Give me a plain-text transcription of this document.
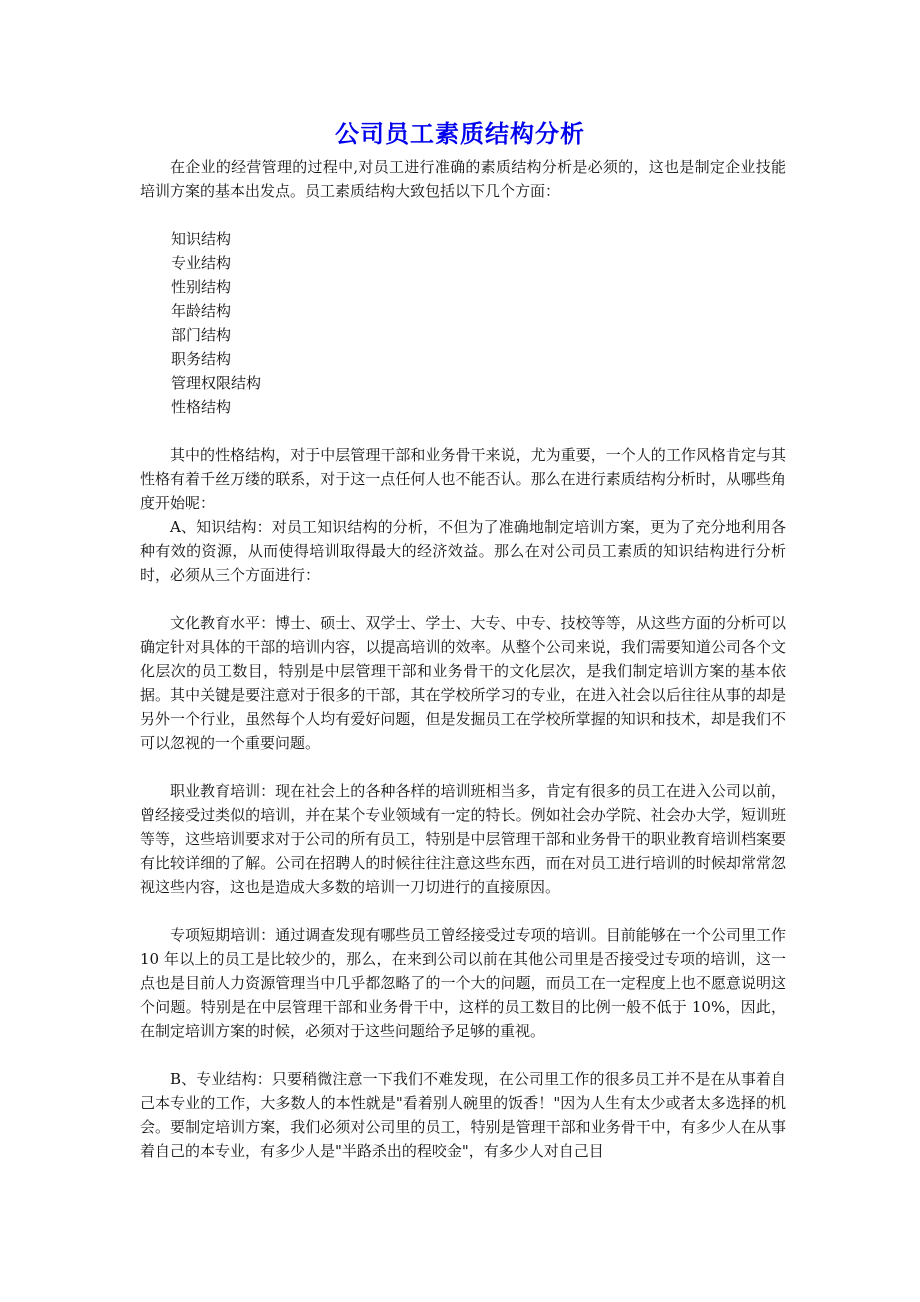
公司员工素质结构分析

在企业的经营管理的过程中,对员工进行准确的素质结构分析是必须的，这也是制定企业技能培训方案的基本出发点。员工素质结构大致包括以下几个方面：

知识结构
专业结构
性别结构
年龄结构
部门结构
职务结构
管理权限结构
性格结构

其中的性格结构，对于中层管理干部和业务骨干来说，尤为重要，一个人的工作风格肯定与其性格有着千丝万缕的联系，对于这一点任何人也不能否认。那么在进行素质结构分析时，从哪些角度开始呢：

A、知识结构：对员工知识结构的分析，不但为了准确地制定培训方案，更为了充分地利用各种有效的资源，从而使得培训取得最大的经济效益。那么在对公司员工素质的知识结构进行分析时，必须从三个方面进行：

文化教育水平：博士、硕士、双学士、学士、大专、中专、技校等等，从这些方面的分析可以确定针对具体的干部的培训内容，以提高培训的效率。从整个公司来说，我们需要知道公司各个文化层次的员工数目，特别是中层管理干部和业务骨干的文化层次，是我们制定培训方案的基本依据。其中关键是要注意对于很多的干部，其在学校所学习的专业，在进入社会以后往往从事的却是另外一个行业，虽然每个人均有爱好问题，但是发掘员工在学校所掌握的知识和技术，却是我们不可以忽视的一个重要问题。

职业教育培训：现在社会上的各种各样的培训班相当多，肯定有很多的员工在进入公司以前，曾经接受过类似的培训，并在某个专业领域有一定的特长。例如社会办学院、社会办大学，短训班等等，这些培训要求对于公司的所有员工，特别是中层管理干部和业务骨干的职业教育培训档案要有比较详细的了解。公司在招聘人的时候往往注意这些东西，而在对员工进行培训的时候却常常忽视这些内容，这也是造成大多数的培训一刀切进行的直接原因。

专项短期培训：通过调查发现有哪些员工曾经接受过专项的培训。目前能够在一个公司里工作 10 年以上的员工是比较少的，那么，在来到公司以前在其他公司里是否接受过专项的培训，这一点也是目前人力资源管理当中几乎都忽略了的一个大的问题，而员工在一定程度上也不愿意说明这个问题。特别是在中层管理干部和业务骨干中，这样的员工数目的比例一般不低于 10%，因此，在制定培训方案的时候，必须对于这些问题给予足够的重视。

B、专业结构：只要稍微注意一下我们不难发现，在公司里工作的很多员工并不是在从事着自己本专业的工作，大多数人的本性就是"看着别人碗里的饭香！"因为人生有太少或者太多选择的机会。要制定培训方案，我们必须对公司里的员工，特别是管理干部和业务骨干中，有多少人在从事着自己的本专业，有多少人是"半路杀出的程咬金"，有多少人对自己目
